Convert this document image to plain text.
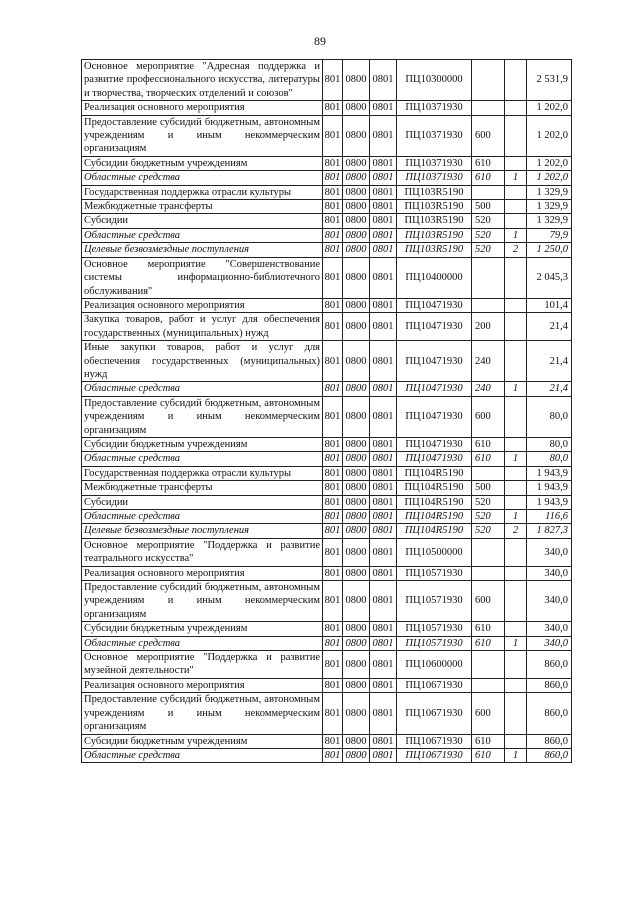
89
Основное мероприятие "Адресная поддержка и развитие профессионального искусства, литературы и творчества, творческих отделений и союзов"	801	0800	0801	ПЦ10300000			2 531,9
Реализация основного мероприятия	801	0800	0801	ПЦ10371930			1 202,0
Предоставление субсидий бюджетным, автономным учреждениям и иным некоммерческим организациям	801	0800	0801	ПЦ10371930	600		1 202,0
Субсидии бюджетным учреждениям	801	0800	0801	ПЦ10371930	610		1 202,0
Областные средства	801	0800	0801	ПЦ10371930	610	1	1 202,0
Государственная поддержка отрасли культуры	801	0800	0801	ПЦ103R5190			1 329,9
Межбюджетные трансферты	801	0800	0801	ПЦ103R5190	500		1 329,9
Субсидии	801	0800	0801	ПЦ103R5190	520		1 329,9
Областные средства	801	0800	0801	ПЦ103R5190	520	1	79,9
Целевые безвозмездные поступления	801	0800	0801	ПЦ103R5190	520	2	1 250,0
Основное мероприятие "Совершенствование системы информационно-библиотечного обслуживания"	801	0800	0801	ПЦ10400000			2 045,3
Реализация основного мероприятия	801	0800	0801	ПЦ10471930			101,4
Закупка товаров, работ и услуг для обеспечения государственных (муниципальных) нужд	801	0800	0801	ПЦ10471930	200		21,4
Иные закупки товаров, работ и услуг для обеспечения государственных (муниципальных) нужд	801	0800	0801	ПЦ10471930	240		21,4
Областные средства	801	0800	0801	ПЦ10471930	240	1	21,4
Предоставление субсидий бюджетным, автономным учреждениям и иным некоммерческим организациям	801	0800	0801	ПЦ10471930	600		80,0
Субсидии бюджетным учреждениям	801	0800	0801	ПЦ10471930	610		80,0
Областные средства	801	0800	0801	ПЦ10471930	610	1	80,0
Государственная поддержка отрасли культуры	801	0800	0801	ПЦ104R5190			1 943,9
Межбюджетные трансферты	801	0800	0801	ПЦ104R5190	500		1 943,9
Субсидии	801	0800	0801	ПЦ104R5190	520		1 943,9
Областные средства	801	0800	0801	ПЦ104R5190	520	1	116,6
Целевые безвозмездные поступления	801	0800	0801	ПЦ104R5190	520	2	1 827,3
Основное мероприятие "Поддержка и развитие театрального искусства"	801	0800	0801	ПЦ10500000			340,0
Реализация основного мероприятия	801	0800	0801	ПЦ10571930			340,0
Предоставление субсидий бюджетным, автономным учреждениям и иным некоммерческим организациям	801	0800	0801	ПЦ10571930	600		340,0
Субсидии бюджетным учреждениям	801	0800	0801	ПЦ10571930	610		340,0
Областные средства	801	0800	0801	ПЦ10571930	610	1	340,0
Основное мероприятие "Поддержка и развитие музейной деятельности"	801	0800	0801	ПЦ10600000			860,0
Реализация основного мероприятия	801	0800	0801	ПЦ10671930			860,0
Предоставление субсидий бюджетным, автономным учреждениям и иным некоммерческим организациям	801	0800	0801	ПЦ10671930	600		860,0
Субсидии бюджетным учреждениям	801	0800	0801	ПЦ10671930	610		860,0
Областные средства	801	0800	0801	ПЦ10671930	610	1	860,0
